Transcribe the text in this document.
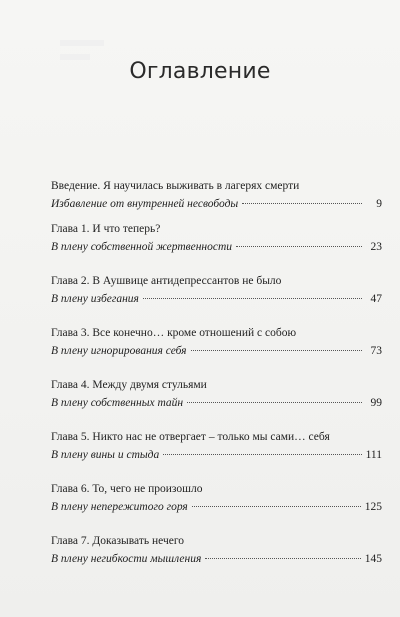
Оглавление
Введение. Я научилась выживать в лагерях смерти
Избавление от внутренней несвободы	9
Глава 1. И что теперь?
В плену собственной жертвенности	23
Глава 2. В Аушвице антидепрессантов не было
В плену избегания	47
Глава 3. Все конечно… кроме отношений с собою
В плену игнорирования себя	73
Глава 4. Между двумя стульями
В плену собственных тайн	99
Глава 5. Никто нас не отвергает – только мы сами… себя
В плену вины и стыда	111
Глава 6. То, чего не произошло
В плену непережитого горя	125
Глава 7. Доказывать нечего
В плену негибкости мышления	145
